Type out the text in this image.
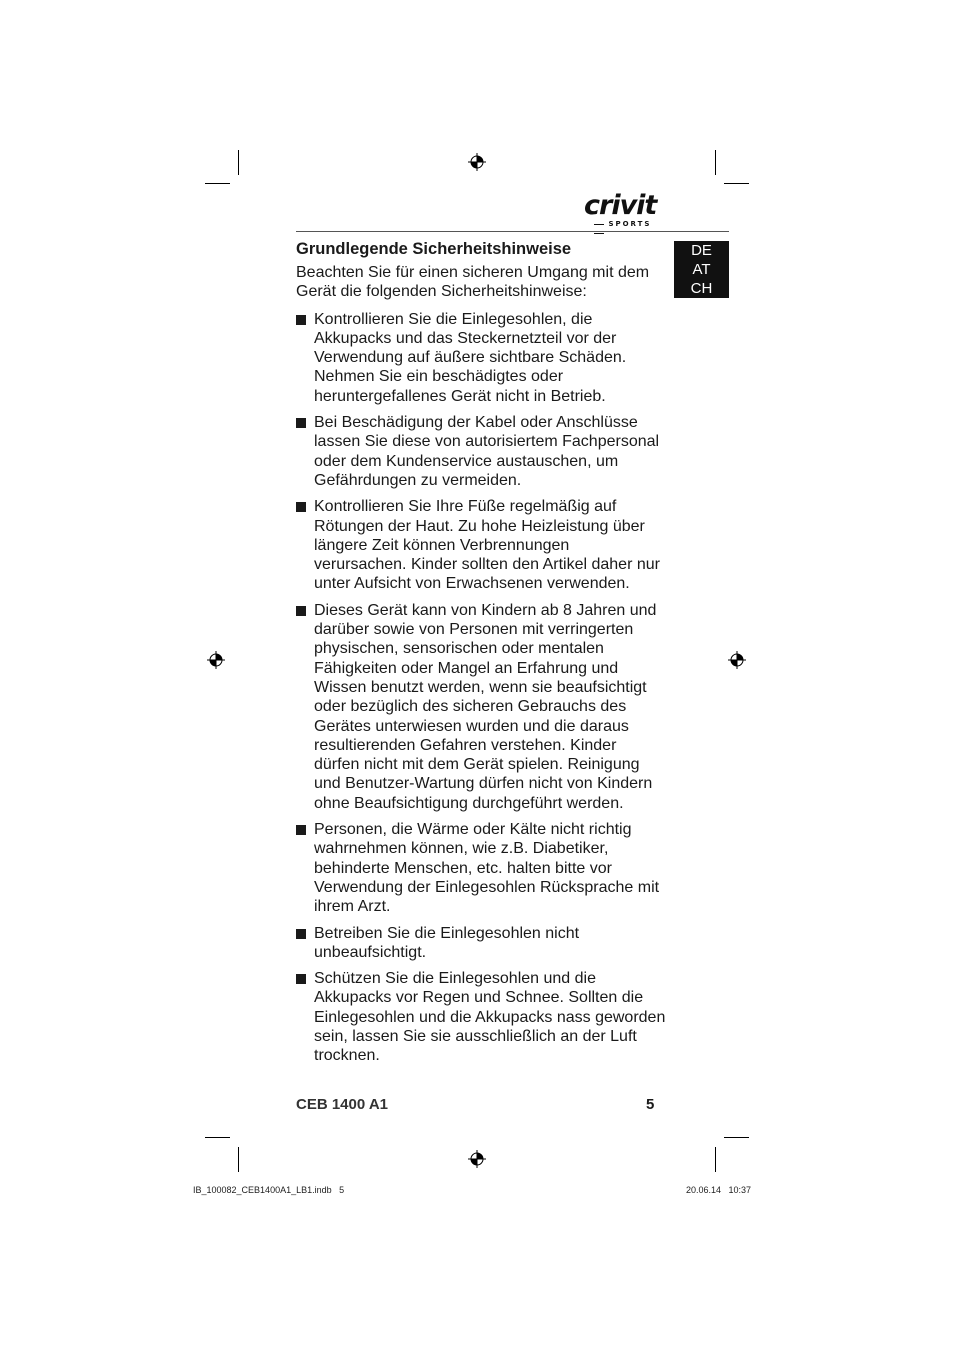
crivit
SPORTS
DE
AT
CH
Grundlegende Sicherheitshinweise
Beachten Sie für einen sicheren Umgang mit dem Gerät die folgenden Sicherheitshinweise:
Kontrollieren Sie die Einlegesohlen, die Akkupacks und das Steckernetzteil vor der Verwendung auf äußere sichtbare Schäden. Nehmen Sie ein beschädigtes oder heruntergefallenes Gerät nicht in Betrieb.
Bei Beschädigung der Kabel oder Anschlüsse lassen Sie diese von autorisiertem Fachpersonal oder dem Kundenservice austauschen, um Gefährdungen zu vermeiden.
Kontrollieren Sie Ihre Füße regelmäßig auf Rötungen der Haut. Zu hohe Heizleistung über längere Zeit können Verbrennungen verursachen. Kinder sollten den Artikel daher nur unter Aufsicht von Erwachsenen verwenden.
Dieses Gerät kann von Kindern ab 8 Jahren und darüber sowie von Personen mit verringerten physischen, sensorischen oder mentalen Fähigkeiten oder Mangel an Erfahrung und Wissen benutzt werden, wenn sie beaufsichtigt oder bezüglich des sicheren Gebrauchs des Gerätes unterwiesen wurden und die daraus resultierenden Gefahren verstehen. Kinder dürfen nicht mit dem Gerät spielen. Reinigung und Benutzer-Wartung dürfen nicht von Kindern ohne Beaufsichtigung durchgeführt werden.
Personen, die Wärme oder Kälte nicht richtig wahrnehmen können, wie z.B. Diabetiker, behinderte Menschen, etc. halten bitte vor Verwendung der Einlegesohlen Rücksprache mit ihrem Arzt.
Betreiben Sie die Einlegesohlen nicht unbeaufsichtigt.
Schützen Sie die Einlegesohlen und die Akkupacks vor Regen und Schnee. Sollten die Einlegesohlen und die Akkupacks nass geworden sein, lassen Sie sie ausschließlich an der Luft trocknen.
CEB 1400 A1	5
IB_100082_CEB1400A1_LB1.indb   5	20.06.14   10:37
